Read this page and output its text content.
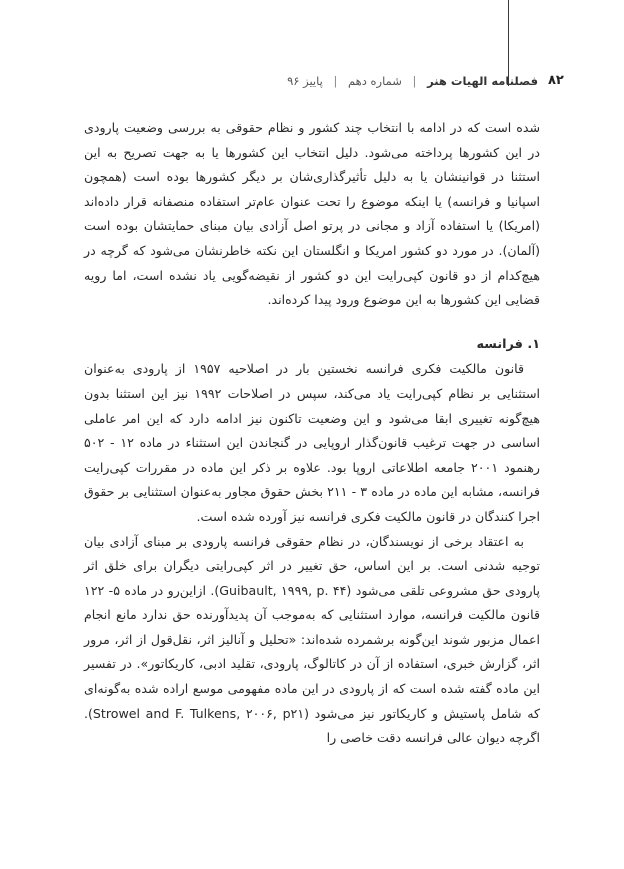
۸۲
فصلنامه الهیات هنر | شماره دهم | پاییز ۹۶

شده است که در ادامه با انتخاب چند کشور و نظام حقوقی به بررسی وضعیت پارودی در این کشورها پرداخته می‌شود. دلیل انتخاب این کشورها یا به جهت تصریح به این استثنا در قوانینشان یا به دلیل تأثیرگذاری‌شان بر دیگر کشورها بوده است (همچون اسپانیا و فرانسه) یا اینکه موضوع را تحت عنوان عام‌تر استفاده منصفانه قرار داده‌اند (امریکا) یا استفاده آزاد و مجانی در پرتو اصل آزادی بیان مبنای حمایتشان بوده است (آلمان). در مورد دو کشور امریکا و انگلستان این نکته خاطرنشان می‌شود که گرچه در هیچ‌کدام از دو قانون کپی‌رایت این دو کشور از نقیضه‌گویی یاد نشده است، اما رویه قضایی این کشورها به این موضوع ورود پیدا کرده‌اند.

۱. فرانسه

قانون مالکیت فکری فرانسه نخستین بار در اصلاحیه ۱۹۵۷ از پارودی به‌عنوان استثنایی بر نظام کپی‌رایت یاد می‌کند، سپس در اصلاحات ۱۹۹۲ نیز این استثنا بدون هیچ‌گونه تغییری ابقا می‌شود و این وضعیت تاکنون نیز ادامه دارد که این امر عاملی اساسی در جهت ترغیب قانون‌گذار اروپایی در گنجاندن این استثناء در ماده ۱۲ - ۵۰۲ رهنمود ۲۰۰۱ جامعه اطلاعاتی اروپا بود. علاوه بر ذکر این ماده در مقررات کپی‌رایت فرانسه، مشابه این ماده در ماده ۳ - ۲۱۱ بخش حقوق مجاور به‌عنوان استثنایی بر حقوق اجرا کنندگان در قانون مالکیت فکری فرانسه نیز آورده شده است.

به اعتقاد برخی از نویسندگان، در نظام حقوقی فرانسه پارودی بر مبنای آزادی بیان توجیه شدنی است. بر این اساس، حق تغییر در اثر کپی‌رایتی دیگران برای خلق اثر پارودی حق مشروعی تلقی می‌شود (Guibault, ۱۹۹۹, p. ۴۴). ازاین‌رو در ماده ۵- ۱۲۲ قانون مالکیت فرانسه، موارد استثنایی که به‌موجب آن پدیدآورنده حق ندارد مانع انجام اعمال مزبور شوند این‌گونه برشمرده شده‌اند: «تحلیل و آنالیز اثر، نقل‌قول از اثر، مرور اثر، گزارش خبری، استفاده از آن در کاتالوگ، پارودی، تقلید ادبی، کاریکاتور». در تفسیر این ماده گفته شده است که از پارودی در این ماده مفهومی موسع اراده شده به‌گونه‌ای که شامل پاستیش و کاریکاتور نیز می‌شود (Strowel and F. Tulkens, ۲۰۰۶, p۲۱). اگرچه دیوان عالی فرانسه دقت خاصی را
